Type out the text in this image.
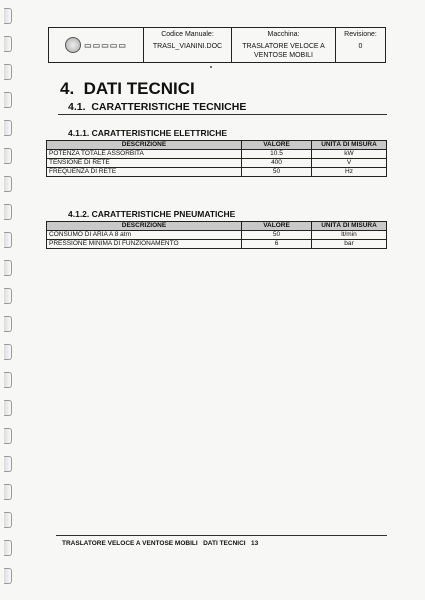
▭▭▭▭▭

Codice Manuale:
TRASL_VIANINI.DOC

Macchina:
TRASLATORE VELOCE A
VENTOSE MOBILI

Revisione:
0
4.  DATI TECNICI
4.1.  CARATTERISTICHE TECNICHE
4.1.1. CARATTERISTICHE ELETTRICHE
DESCRIZIONE	VALORE	UNITÀ DI MISURA
POTENZA TOTALE ASSORBITA	10.5	kW
TENSIONE DI RETE	400	V
FREQUENZA DI RETE	50	Hz
4.1.2. CARATTERISTICHE PNEUMATICHE
DESCRIZIONE	VALORE	UNITÀ DI MISURA
CONSUMO DI ARIA A 8 atm	50	lt/min
PRESSIONE MINIMA DI FUNZIONAMENTO	6	bar
TRASLATORE VELOCE A VENTOSE MOBILI   DATI TECNICI   13
